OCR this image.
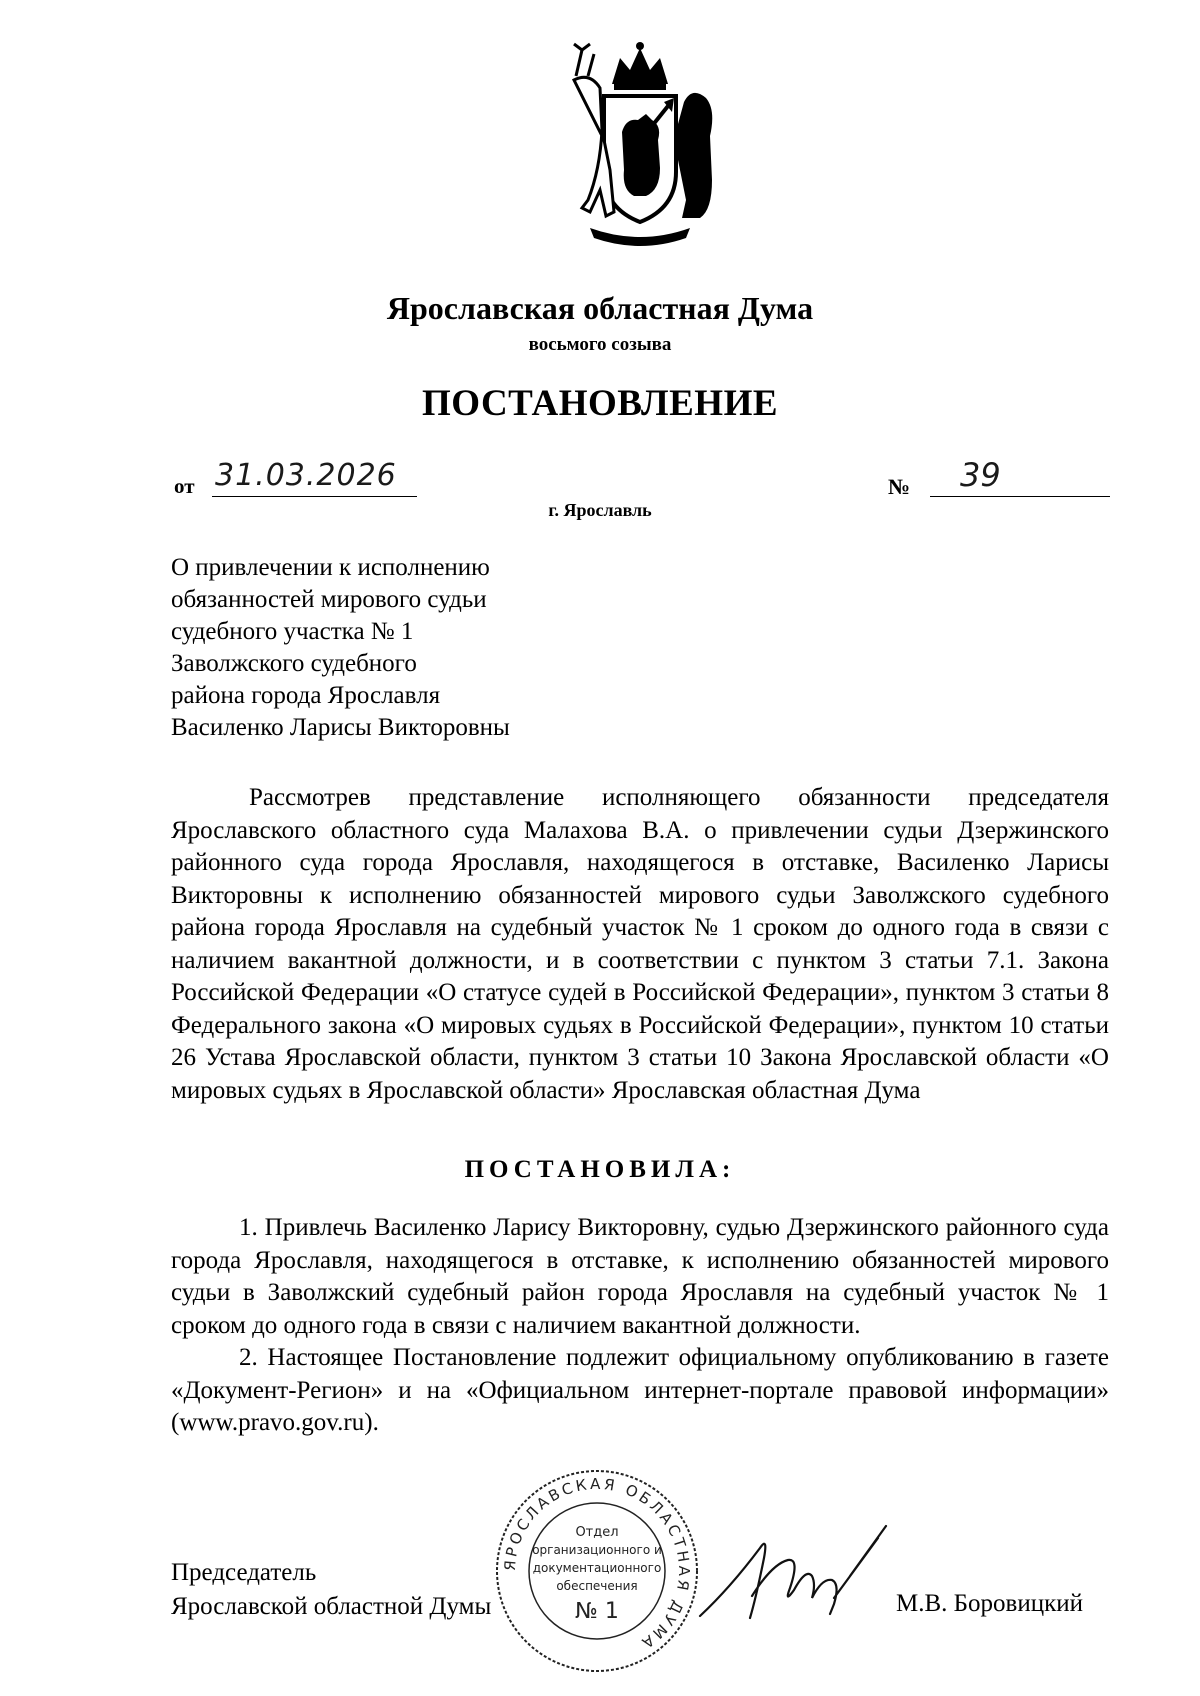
Ярославская областная Дума
восьмого созыва
ПОСТАНОВЛЕНИЕ
от 31.03.2026	№ 39
г. Ярославль
О привлечении к исполнению
обязанностей мирового судьи
судебного участка № 1
Заволжского судебного
района города Ярославля
Василенко Ларисы Викторовны

Рассмотрев представление исполняющего обязанности председателя Ярославского областного суда Малахова В.А. о привлечении судьи Дзержинского районного суда города Ярославля, находящегося в отставке, Василенко Ларисы Викторовны к исполнению обязанностей мирового судьи Заволжского судебного района города Ярославля на судебный участок № 1 сроком до одного года в связи с наличием вакантной должности, и в соответствии с пунктом 3 статьи 7.1. Закона Российской Федерации «О статусе судей в Российской Федерации», пунктом 3 статьи 8 Федерального закона «О мировых судьях в Российской Федерации», пунктом 10 статьи 26 Устава Ярославской области, пунктом 3 статьи 10 Закона Ярославской области «О мировых судьях в Ярославской области» Ярославская областная Дума

ПОСТАНОВИЛА:

1. Привлечь Василенко Ларису Викторовну, судью Дзержинского районного суда города Ярославля, находящегося в отставке, к исполнению обязанностей мирового судьи в Заволжский судебный район города Ярославля на судебный участок № 1 сроком до одного года в связи с наличием вакантной должности.

2. Настоящее Постановление подлежит официальному опубликованию в газете «Документ-Регион» и на «Официальном интернет-портале правовой информации» (www.pravo.gov.ru).

ЯРОСЛАВСКАЯ ОБЛАСТНАЯ ДУМА
Отдел
организационного и
документационного
обеспечения
№ 1
Председатель
Ярославской областной Думы	М.В. Боровицкий
